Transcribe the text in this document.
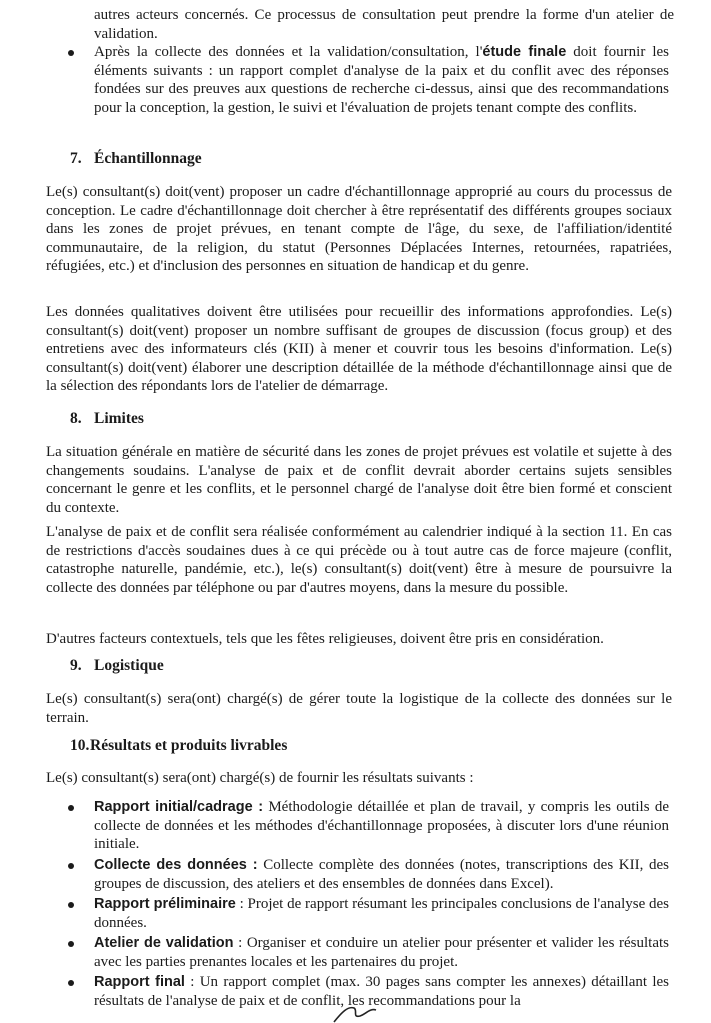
autres acteurs concernés. Ce processus de consultation peut prendre la forme d'un atelier de validation.

Après la collecte des données et la validation/consultation, l'étude finale doit fournir les éléments suivants : un rapport complet d'analyse de la paix et du conflit avec des réponses fondées sur des preuves aux questions de recherche ci-dessus, ainsi que des recommandations pour la conception, la gestion, le suivi et l'évaluation de projets tenant compte des conflits.
7. Échantillonnage

Le(s) consultant(s) doit(vent) proposer un cadre d'échantillonnage approprié au cours du processus de conception. Le cadre d'échantillonnage doit chercher à être représentatif des différents groupes sociaux dans les zones de projet prévues, en tenant compte de l'âge, du sexe, de l'affiliation/identité communautaire, de la religion, du statut (Personnes Déplacées Internes, retournées, rapatriées, réfugiées, etc.) et d'inclusion des personnes en situation de handicap et du genre.

Les données qualitatives doivent être utilisées pour recueillir des informations approfondies. Le(s) consultant(s) doit(vent) proposer un nombre suffisant de groupes de discussion (focus group) et des entretiens avec des informateurs clés (KII) à mener et couvrir tous les besoins d'information. Le(s) consultant(s) doit(vent) élaborer une description détaillée de la méthode d'échantillonnage ainsi que de la sélection des répondants lors de l'atelier de démarrage.

8. Limites

La situation générale en matière de sécurité dans les zones de projet prévues est volatile et sujette à des changements soudains. L'analyse de paix et de conflit devrait aborder certains sujets sensibles concernant le genre et les conflits, et le personnel chargé de l'analyse doit être bien formé et conscient du contexte.

L'analyse de paix et de conflit sera réalisée conformément au calendrier indiqué à la section 11. En cas de restrictions d'accès soudaines dues à ce qui précède ou à tout autre cas de force majeure (conflit, catastrophe naturelle, pandémie, etc.), le(s) consultant(s) doit(vent) être à mesure de poursuivre la collecte des données par téléphone ou par d'autres moyens, dans la mesure du possible.

D'autres facteurs contextuels, tels que les fêtes religieuses, doivent être pris en considération.

9. Logistique

Le(s) consultant(s) sera(ont) chargé(s) de gérer toute la logistique de la collecte des données sur le terrain.

10.Résultats et produits livrables

Le(s) consultant(s) sera(ont) chargé(s) de fournir les résultats suivants :

Rapport initial/cadrage : Méthodologie détaillée et plan de travail, y compris les outils de collecte de données et les méthodes d'échantillonnage proposées, à discuter lors d'une réunion initiale.
Collecte des données : Collecte complète des données (notes, transcriptions des KII, des groupes de discussion, des ateliers et des ensembles de données dans Excel).
Rapport préliminaire : Projet de rapport résumant les principales conclusions de l'analyse des données.
Atelier de validation : Organiser et conduire un atelier pour présenter et valider les résultats avec les parties prenantes locales et les partenaires du projet.
Rapport final : Un rapport complet (max. 30 pages sans compter les annexes) détaillant les résultats de l'analyse de paix et de conflit, les recommandations pour la
